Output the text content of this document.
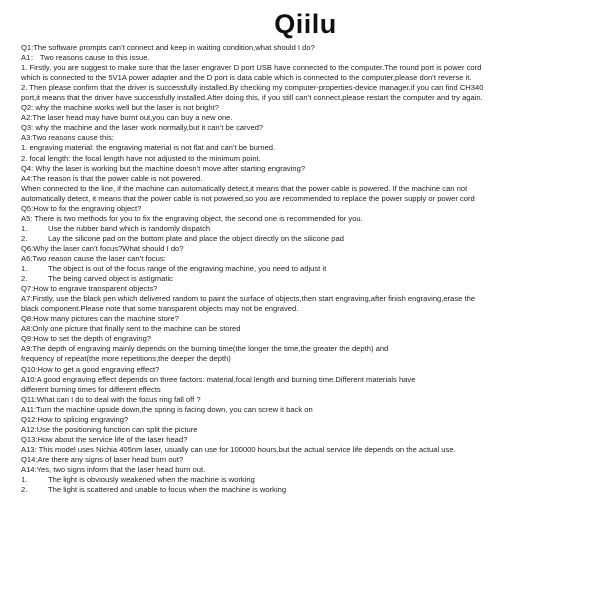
Qiilu
Q1:The software prompts can’t connect and keep in waiting condition,what should I do?
A1： Two reasons cause to this issue.
1. Firstly, you are suggest to make sure that the laser engraver D port USB have connected to the computer.The round port is power cord
which is connected to the 5V1A power adapter and the D port is data cable which is connected to the computer,please don’t reverse it.
2. Then please confirm that the driver is successfully installed.By checking my computer-properties-device manager,if you can find CH340
port,it means that the driver have successfully installed.After doing this, if you still can’t connect,please restart the computer and try again.
Q2: why the machine works well but the laser is not bright?
A2:The laser head may have burnt out,you can buy a new one.
Q3: why the machine and the laser work normally,but it can’t be carved?
A3:Two reasons cause this:
1. engraving material: the engraving material is not flat and can’t be burned.
2. focal length: the focal length have not adjusted to the minimum point.
Q4: Why the laser is working but the machine doesn’t move after starting engraving?
A4:The reason is that the power cable is not powered.
When connected to the line, if the machine can automatically detect,it means that the power cable is powered. If the machine can not
automatically detect, it means that the power cable is not powered,so you are recommended to replace the power supply or power cord
Q5:How to fix the engraving object?
A5: There is two methods for you to fix the engraving object, the second one is recommended for you.
1.	Use the rubber band which is randomly dispatch
2.	Lay the silicone pad on the bottom plate and place the object directly on the silicone pad
Q6:Why the laser can’t focus?What should I do?
A6:Two reason cause the laser can’t focus:
1.	The object is out of the focus range of the engraving machine, you need to adjust it
2.	The being carved object is astigmatic
Q7:How to engrave transparent objects?
A7:Firstly, use the black pen which delivered random to paint the surface of objects,then start engraving,after finish engraving,erase the
black component.Please note that some transparent objects may not be engraved.
Q8:How many pictures can the machine store?
A8:Only one picture that finally sent to the machine can be stored
Q9:How to set the depth of engraving?
A9:The depth of engraving mainly depends on the burning time(the longer the time,the greater the depth) and
frequency of repeat(the more repetitions,the deeper the depth)
Q10:How to get a good engraving effect?
A10:A good engraving effect depends on three factors: material,focal length and burning time.Different materials have
different burning times for different effects
Q11:What can I do to deal with the focus ring fall off ?
A11:Turn the machine upside down,the spring is facing down, you can screw it back on
Q12:How to splicing engraving?
A12:Use the positioning function can split the picture
Q13:How about the service life of the laser head?
A13: This model uses Nichia 405nm laser, usually can use for 100000 hours,but the actual service life depends on the actual use.
Q14:Are there any signs of laser head burn out?
A14:Yes, two signs inform that the laser head burn out.
1.	The light is obviously weakened when the machine is working
2.	The light is scattered and unable to focus when the machine is working
